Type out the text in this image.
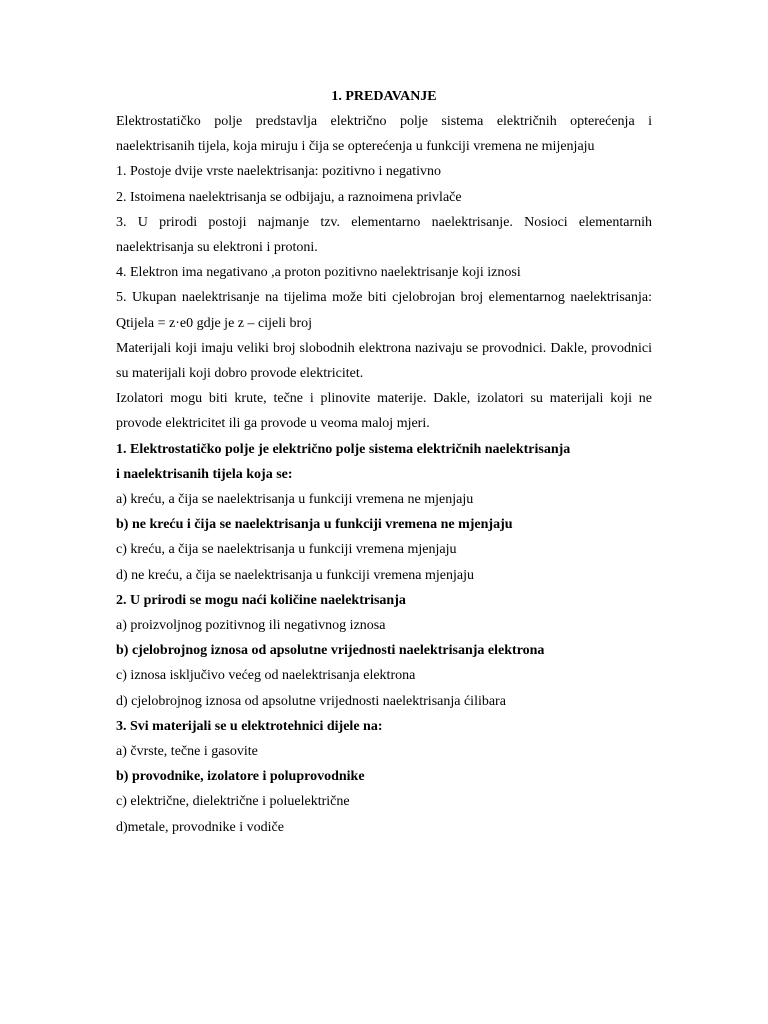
1. PREDAVANJE

Elektrostatičko polje predstavlja električno polje sistema električnih opterećenja i naelektrisanih tijela, koja miruju i čija se opterećenja u funkciji vremena ne mijenjaju

1. Postoje dvije vrste naelektrisanja: pozitivno i negativno

2. Istoimena naelektrisanja se odbijaju, a raznoimena privlače

3. U prirodi postoji najmanje tzv. elementarno naelektrisanje. Nosioci elementarnih naelektrisanja su elektroni i protoni.

4. Elektron ima negativano ,a proton pozitivno naelektrisanje koji iznosi

5. Ukupan naelektrisanje na tijelima može biti cjelobrojan broj elementarnog naelektrisanja: Qtijela = z·e0 gdje je z – cijeli broj

Materijali koji imaju veliki broj slobodnih elektrona nazivaju se provodnici. Dakle, provodnici su materijali koji dobro provode elektricitet.

Izolatori mogu biti krute, tečne i plinovite materije. Dakle, izolatori su materijali koji ne provode elektricitet ili ga provode u veoma maloj mjeri.

1. Elektrostatičko polje je električno polje sistema električnih naelektrisanja

i naelektrisanih tijela koja se:

a) kreću, a čija se naelektrisanja u funkciji vremena ne mjenjaju

b) ne kreću i čija se naelektrisanja u funkciji vremena ne mjenjaju

c) kreću, a čija se naelektrisanja u funkciji vremena mjenjaju

d) ne kreću, a čija se naelektrisanja u funkciji vremena mjenjaju

2. U prirodi se mogu naći količine naelektrisanja

a) proizvoljnog pozitivnog ili negativnog iznosa

b) cjelobrojnog iznosa od apsolutne vrijednosti naelektrisanja elektrona

c) iznosa isključivo većeg od naelektrisanja elektrona

d) cjelobrojnog iznosa od apsolutne vrijednosti naelektrisanja ćilibara

3. Svi materijali se u elektrotehnici dijele na:

a) čvrste, tečne i gasovite

b) provodnike, izolatore i poluprovodnike

c) električne, dielektrične i poluelektrične

d)metale, provodnike i vodiče
